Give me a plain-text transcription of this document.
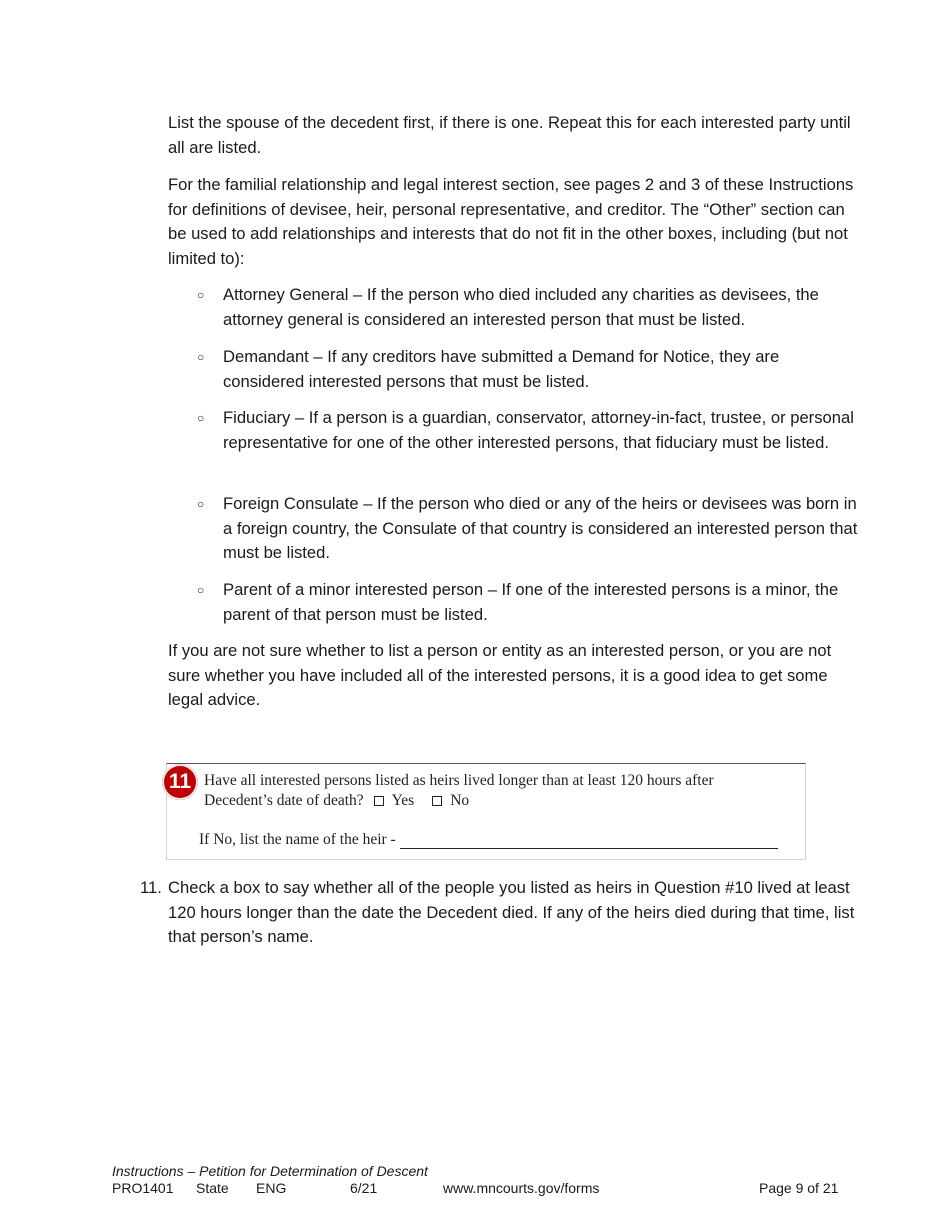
List the spouse of the decedent first, if there is one. Repeat this for each interested party until all are listed.

For the familial relationship and legal interest section, see pages 2 and 3 of these Instructions for definitions of devisee, heir, personal representative, and creditor. The “Other” section can be used to add relationships and interests that do not fit in the other boxes, including (but not limited to):

○ Attorney General – If the person who died included any charities as devisees, the attorney general is considered an interested person that must be listed.
○ Demandant – If any creditors have submitted a Demand for Notice, they are considered interested persons that must be listed.
○ Fiduciary – If a person is a guardian, conservator, attorney-in-fact, trustee, or personal representative for one of the other interested persons, that fiduciary must be listed.
○ Foreign Consulate – If the person who died or any of the heirs or devisees was born in a foreign country, the Consulate of that country is considered an interested person that must be listed.
○ Parent of a minor interested person – If one of the interested persons is a minor, the parent of that person must be listed.

If you are not sure whether to list a person or entity as an interested person, or you are not sure whether you have included all of the interested persons, it is a good idea to get some legal advice.

11 Have all interested persons listed as heirs lived longer than at least 120 hours after
Decedent’s date of death? Yes No
If No, list the name of the heir -
11. Check a box to say whether all of the people you listed as heirs in Question #10 lived at least 120 hours longer than the date the Decedent died. If any of the heirs died during that time, list that person’s name.
Instructions – Petition for Determination of Descent
PRO1401 State ENG	6/21	www.mncourts.gov/forms	Page 9 of 21
